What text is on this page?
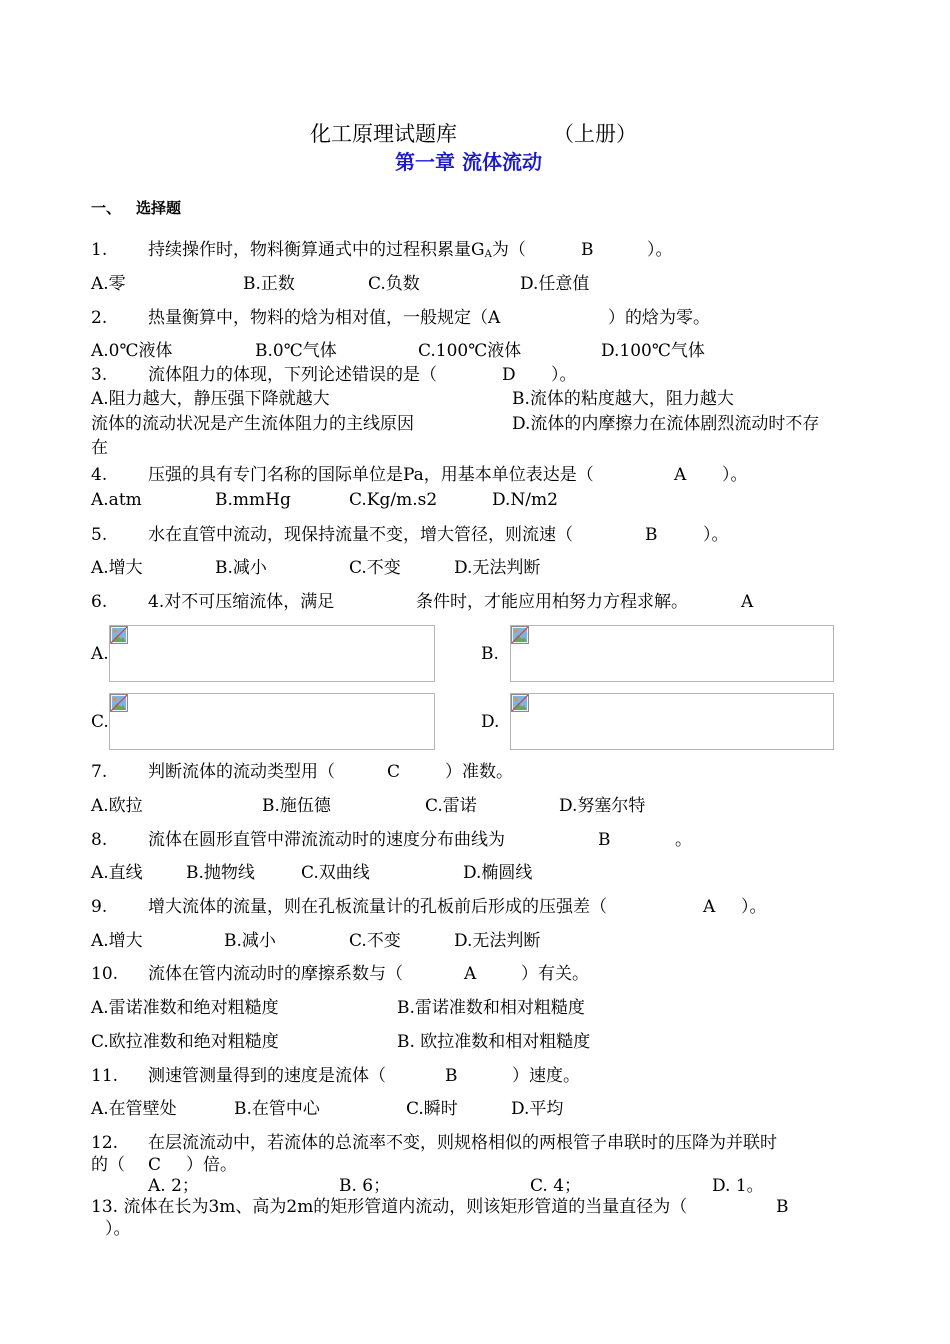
化工原理试题库	（上册）
第一章 流体流动
一、 选择题
1. 持续操作时，物料衡算通式中的过程积累量$G_A$为（	B	）。
A.零	B.正数	C.负数	D.任意值
2. 热量衡算中，物料的焓为相对值，一般规定（A	）的焓为零。
A.0℃液体	B.0℃气体	C.100℃液体	D.100℃气体
3. 流体阻力的体现，下列论述错误的是（	D ）。
A.阻力越大，静压强下降就越大	B.流体的粘度越大，阻力越大
流体的流动状况是产生流体阻力的主线原因	D.流体的内摩擦力在流体剧烈流动时不存
在
4. 压强的具有专门名称的国际单位是Pa，用基本单位表达是（	A ）。
A.atm	B.mmHg	C.Kg/m.s2	D.N/m2
5. 水在直管中流动，现保持流量不变，增大管径，则流速（	B	）。
A.增大	B.减小	C.不变	D.无法判断
6. 4.对不可压缩流体，满足	条件时，才能应用柏努力方程求解。	A
A.	B.
C.	D.
7. 判断流体的流动类型用（	C	）准数。
A.欧拉	B.施伍德	C.雷诺	D.努塞尔特
8. 流体在圆形直管中滞流流动时的速度分布曲线为	B	。
A.直线	B.抛物线	C.双曲线	D.椭圆线
9. 增大流体的流量，则在孔板流量计的孔板前后形成的压强差（	A ）。
A.增大	B.减小	C.不变	D.无法判断
10. 流体在管内流动时的摩擦系数与（	A	）有关。
A.雷诺准数和绝对粗糙度	B.雷诺准数和相对粗糙度
C.欧拉准数和绝对粗糙度	B. 欧拉准数和相对粗糙度
11. 测速管测量得到的速度是流体（	B	）速度。
A.在管壁处	B.在管中心	C.瞬时	D.平均
12. 在层流流动中，若流体的总流率不变，则规格相似的两根管子串联时的压降为并联时
的（ C ）倍。
A. 2；	B. 6；	C. 4；	D. 1。
13. 流体在长为3m、高为2m的矩形管道内流动，则该矩形管道的当量直径为（	B
）。
